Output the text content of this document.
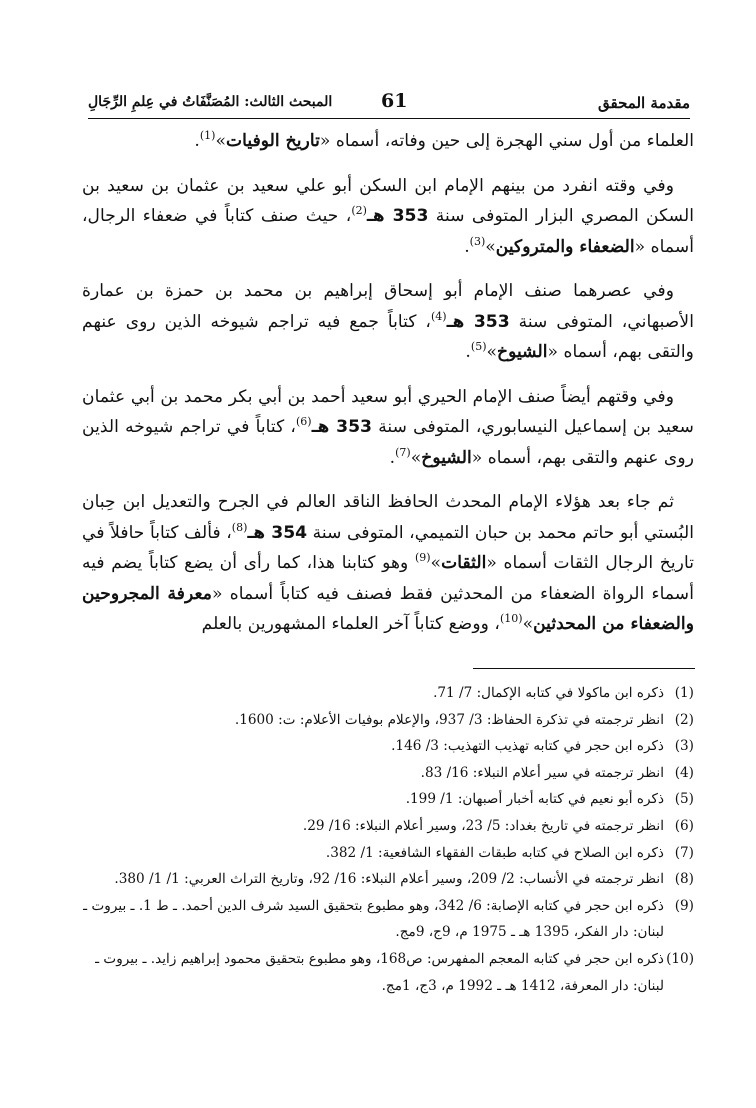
مقدمة المحقق
61
المبحث الثالث: المُصَنَّفَاتُ في عِلمِ الرِّجَالِ

العلماء من أول سني الهجرة إلى حين وفاته، أسماه «تاريخ الوفيات»$^{(1)}$.

وفي وقته انفرد من بينهم الإمام ابن السكن أبو علي سعيد بن عثمان بن سعيد بن السكن المصري البزار المتوفى سنة 353 هـ$^{(2)}$، حيث صنف كتاباً في ضعفاء الرجال، أسماه «الضعفاء والمتروكين»$^{(3)}$.

وفي عصرهما صنف الإمام أبو إسحاق إبراهيم بن محمد بن حمزة بن عمارة الأصبهاني، المتوفى سنة 353 هـ$^{(4)}$، كتاباً جمع فيه تراجم شيوخه الذين روى عنهم والتقى بهم، أسماه «الشيوخ»$^{(5)}$.

وفي وقتهم أيضاً صنف الإمام الحيري أبو سعيد أحمد بن أبي بكر محمد بن أبي عثمان سعيد بن إسماعيل النيسابوري، المتوفى سنة 353 هـ$^{(6)}$، كتاباً في تراجم شيوخه الذين روى عنهم والتقى بهم، أسماه «الشيوخ»$^{(7)}$.

ثم جاء بعد هؤلاء الإمام المحدث الحافظ الناقد العالم في الجرح والتعديل ابن حِبان البُستي أبو حاتم محمد بن حبان التميمي، المتوفى سنة 354 هـ$^{(8)}$، فألف كتاباً حافلاً في تاريخ الرجال الثقات أسماه «الثقات»$^{(9)}$ وهو كتابنا هذا، كما رأى أن يضع كتاباً يضم فيه أسماء الرواة الضعفاء من المحدثين فقط فصنف فيه كتاباً أسماه «معرفة المجروحين والضعفاء من المحدثين»$^{(10)}$، ووضع كتاباً آخر العلماء المشهورين بالعلم

(1)
ذكره ابن ماكولا في كتابه الإكمال: 7/ 71.
(2)
انظر ترجمته في تذكرة الحفاظ: 3/ 937، والإعلام بوفيات الأعلام: ت: 1600.
(3)
ذكره ابن حجر في كتابه تهذيب التهذيب: 3/ 146.
(4)
انظر ترجمته في سير أعلام النبلاء: 16/ 83.
(5)
ذكره أبو نعيم في كتابه أخبار أصبهان: 1/ 199.
(6)
انظر ترجمته في تاريخ بغداد: 5/ 23، وسير أعلام النبلاء: 16/ 29.
(7)
ذكره ابن الصلاح في كتابه طبقات الفقهاء الشافعية: 1/ 382.
(8)
انظر ترجمته في الأنساب: 2/ 209، وسير أعلام النبلاء: 16/ 92، وتاريخ التراث العربي: 1/ 1/ 380.
(9)
ذكره ابن حجر في كتابه الإصابة: 6/ 342، وهو مطبوع بتحقيق السيد شرف الدين أحمد. ـ ط 1. ـ بيروت ـ لبنان: دار الفكر، 1395 هـ ـ 1975 م، 9ج، 9مج.
(10)
ذكره ابن حجر في كتابه المعجم المفهرس: ص168، وهو مطبوع بتحقيق محمود إبراهيم زايد. ـ بيروت ـ لبنان: دار المعرفة، 1412 هـ ـ 1992 م، 3ج، 1مج.
